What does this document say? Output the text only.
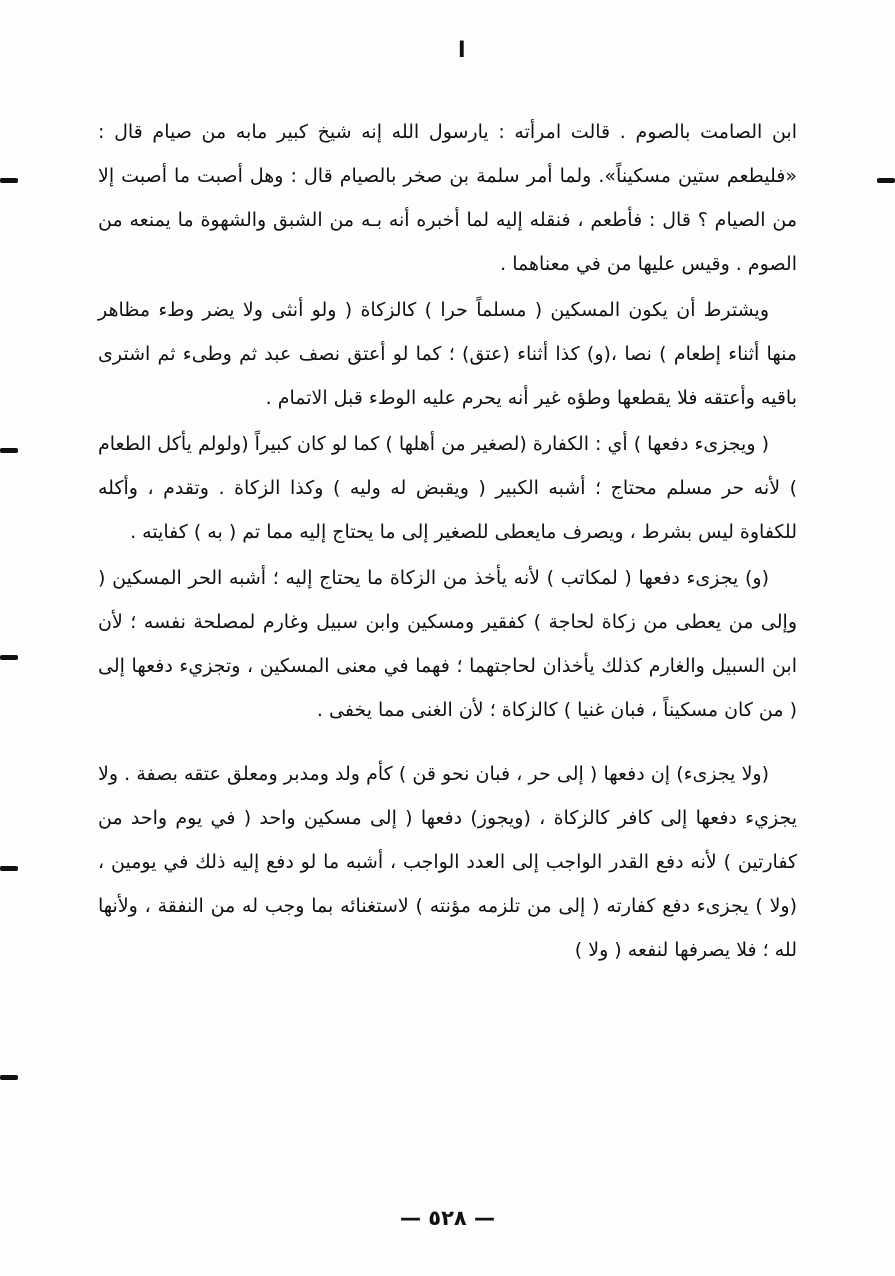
ا

ابن الصامت بالصوم . قالت امرأته : يارسول الله إنه شيخ كبير مابه من صيام قال : «فليطعم ستين مسكيناً». ولما أمر سلمة بن صخر بالصيام قال : وهل أصبت ما أصبت إلا من الصيام ؟ قال : فأطعم ، فنقله إليه لما أخبره أنه بـه من الشبق والشهوة ما يمنعه من الصوم . وقيس عليها من في معناهما .

ويشترط أن يكون المسكين ( مسلماً حرا ) كالزكاة ( ولو أنثى ولا يضر وطء مظاهر منها أثناء إطعام ) نصا ،(و) كذا أثناء (عتق) ؛ كما لو أعتق نصف عبد ثم وطىء ثم اشترى باقيه وأعتقه فلا يقطعها وطؤه غير أنه يحرم عليه الوطء قبل الاتمام .

( ويجزىء دفعها ) أي : الكفارة (لصغير من أهلها ) كما لو كان كبيراً (ولولم يأكل الطعام ) لأنه حر مسلم محتاج ؛ أشبه الكبير ( ويقبض له وليه ) وكذا الزكاة . وتقدم ، وأكله للكفاوة ليس بشرط ، ويصرف مايعطى للصغير إلى ما يحتاج إليه مما تم ( به ) كفايته .

(و) يجزىء دفعها ( لمكاتب ) لأنه يأخذ من الزكاة ما يحتاج إليه ؛ أشبه الحر المسكين ( وإلى من يعطى من زكاة لحاجة ) كفقير ومسكين وابن سبيل وغارم لمصلحة نفسه ؛ لأن ابن السبيل والغارم كذلك يأخذان لحاجتهما ؛ فهما في معنى المسكين ، وتجزيء دفعها إلى ( من كان مسكيناً ، فبان غنيا ) كالزكاة ؛ لأن الغنى مما يخفى .

(ولا يجزىء) إن دفعها ( إلى حر ، فبان نحو قن ) كأم ولد ومدبر ومعلق عتقه بصفة . ولا يجزيء دفعها إلى كافر كالزكاة ، (ويجوز) دفعها ( إلى مسكين واحد ( في يوم واحد من كفارتين ) لأنه دفع القدر الواجب إلى العدد الواجب ، أشبه ما لو دفع إليه ذلك في يومين ، (ولا ) يجزىء دفع كفارته ( إلى من تلزمه مؤنته ) لاستغنائه بما وجب له من النفقة ، ولأنها لله ؛ فلا يصرفها لنفعه ( ولا )

— ٥٢٨ —
